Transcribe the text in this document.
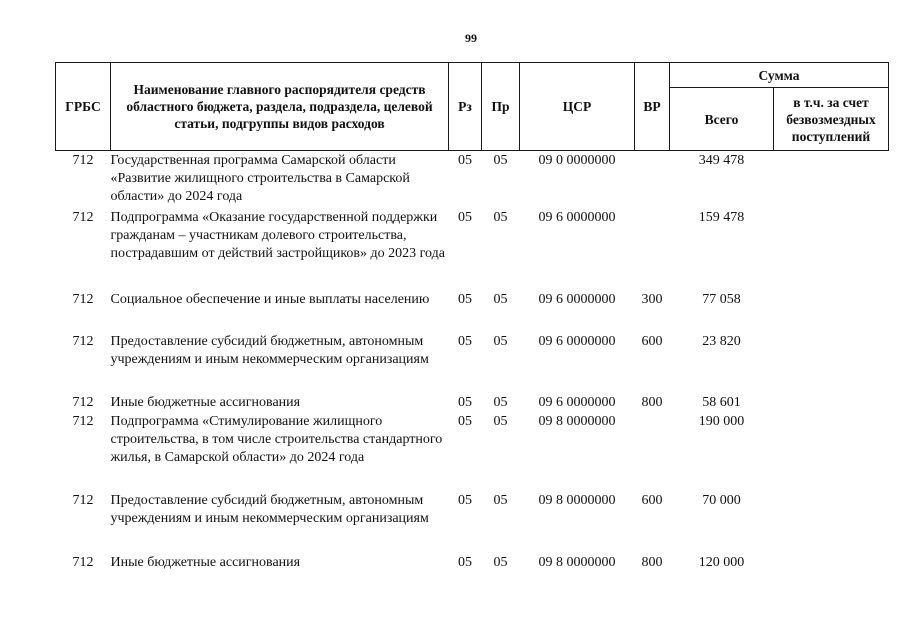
99
ГРБС	Наименование главного распорядителя средств областного бюджета, раздела, подраздела, целевой статьи, подгруппы видов расходов	Рз	Пр	ЦСР	ВР	Сумма	
						Всего	в т.ч. за счет безвозмездных поступлений
712	Государственная программа Самарской области «Развитие жилищного строительства в Самарской области» до 2024 года	05	05	09 0 0000000		349 478	
712	Подпрограмма «Оказание государственной поддержки гражданам – участникам долевого строительства, пострадавшим от действий застройщиков» до 2023 года	05	05	09 6 0000000		159 478	
712	Социальное обеспечение и иные выплаты населению	05	05	09 6 0000000	300	77 058	
712	Предоставление субсидий бюджетным, автономным учреждениям и иным некоммерческим организациям	05	05	09 6 0000000	600	23 820	
712	Иные бюджетные ассигнования	05	05	09 6 0000000	800	58 601	
712	Подпрограмма «Стимулирование жилищного строительства, в том числе строительства стандартного жилья, в Самарской области» до 2024 года	05	05	09 8 0000000		190 000	
712	Предоставление субсидий бюджетным, автономным учреждениям и иным некоммерческим организациям	05	05	09 8 0000000	600	70 000	
712	Иные бюджетные ассигнования	05	05	09 8 0000000	800	120 000	
